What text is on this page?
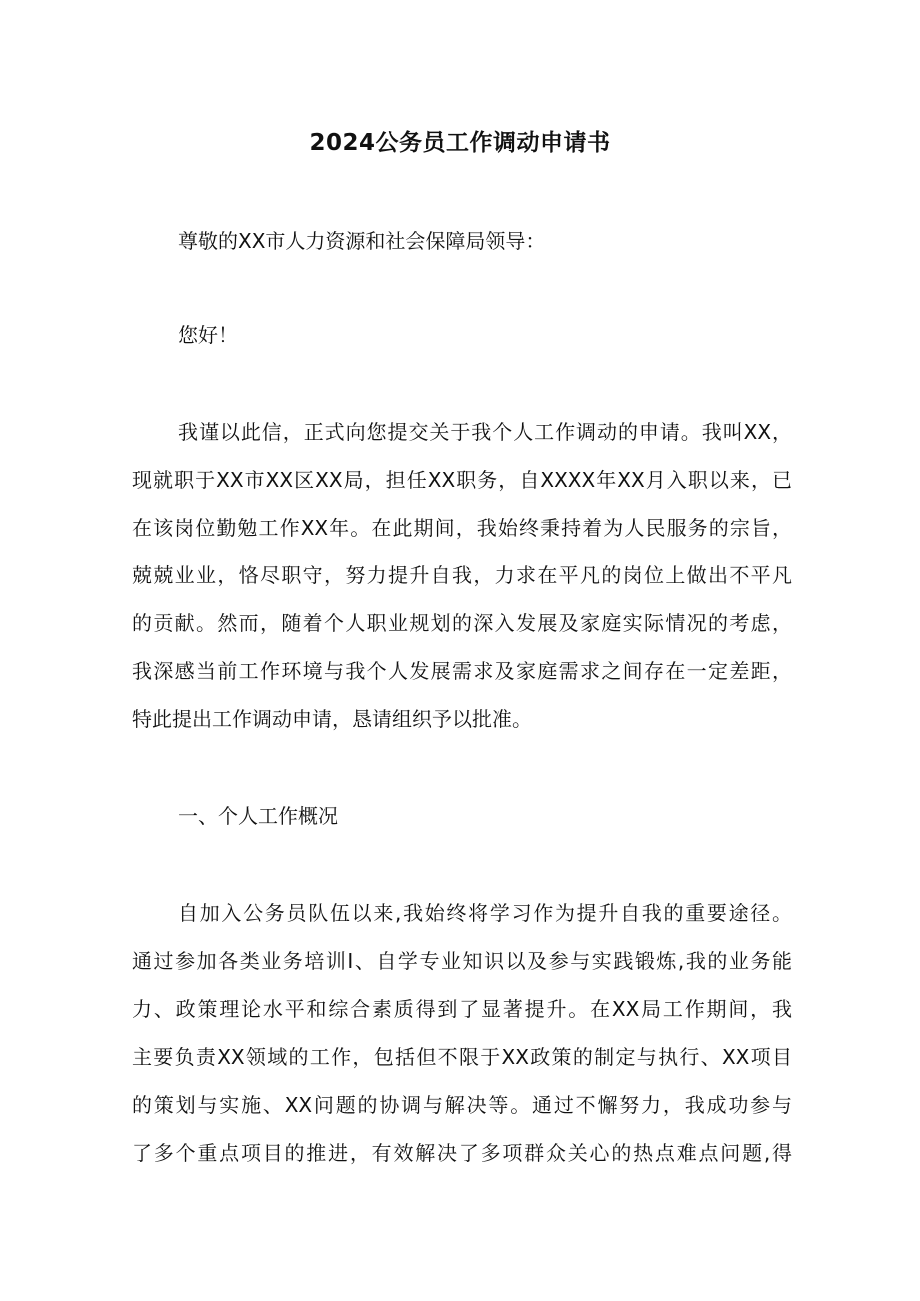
2024公务员工作调动申请书
尊敬的XX市人力资源和社会保障局领导：
您好！
我谨以此信，正式向您提交关于我个人工作调动的申请。我叫XX，
现就职于XX市XX区XX局，担任XX职务，自XXXX年XX月入职以来，已
在该岗位勤勉工作XX年。在此期间，我始终秉持着为人民服务的宗旨，
兢兢业业，恪尽职守，努力提升自我，力求在平凡的岗位上做出不平凡
的贡献。然而，随着个人职业规划的深入发展及家庭实际情况的考虑，
我深感当前工作环境与我个人发展需求及家庭需求之间存在一定差距，
特此提出工作调动申请，恳请组织予以批准。
一、个人工作概况
自加入公务员队伍以来,我始终将学习作为提升自我的重要途径。
通过参加各类业务培训I、自学专业知识以及参与实践锻炼,我的业务能
力、政策理论水平和综合素质得到了显著提升。在XX局工作期间，我
主要负责XX领域的工作，包括但不限于XX政策的制定与执行、XX项目
的策划与实施、XX问题的协调与解决等。通过不懈努力，我成功参与
了多个重点项目的推进，有效解决了多项群众关心的热点难点问题,得
